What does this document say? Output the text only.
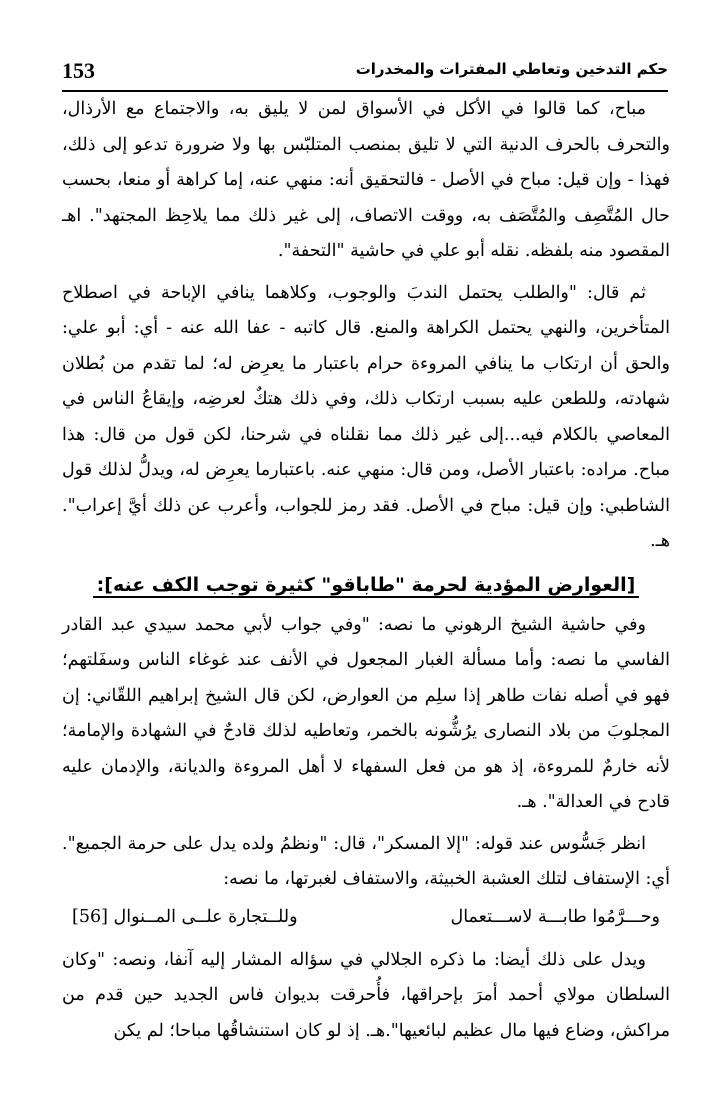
153	حكم التدخين وتعاطي المفترات والمخدرات

مباح، كما قالوا في الأكل في الأسواق لمن لا يليق به، والاجتماع مع الأرذال، والتحرف بالحرف الدنية التي لا تليق بمنصب المتلبّس بها ولا ضرورة تدعو إلى ذلك، فهذا - وإن قيل: مباح في الأصل - فالتحقيق أنه: منهي عنه، إما كراهة أو منعا، بحسب حال المُتَّصِف والمُتَّصَف به، ووقت الاتصاف، إلى غير ذلك مما يلاحِظ المجتهد". اهـ المقصود منه بلفظه. نقله أبو علي في حاشية "التحفة".

ثم قال: "والطلب يحتمل الندبَ والوجوب، وكلاهما ينافي الإباحة في اصطلاح المتأخرين، والنهي يحتمل الكراهة والمنع. قال كاتبه - عفا الله عنه - أي: أبو علي: والحق أن ارتكاب ما ينافي المروءة حرام باعتبار ما يعرِض له؛ لما تقدم من بُطلان شهادته، وللطعن عليه بسبب ارتكاب ذلك، وفي ذلك هتكٌ لعرضِه، وإيقاعُ الناس في المعاصي بالكلام فيه...إلى غير ذلك مما نقلناه في شرحنا، لكن قول من قال: هذا مباح. مراده: باعتبار الأصل، ومن قال: منهي عنه. باعتبارما يعرِض له، ويدلُّ لذلك قول الشاطبي: وإن قيل: مباح في الأصل. فقد رمز للجواب، وأعرب عن ذلك أيَّ إعراب". هـ.

[العوارض المؤدية لحرمة "طاباقو" كثيرة توجب الكف عنه]:

وفي حاشية الشيخ الرهوني ما نصه: "وفي جواب لأبي محمد سيدي عبد القادر الفاسي ما نصه: وأما مسألة الغبار المجعول في الأنف عند غوغاء الناس وسفَلتهم؛ فهو في أصله نفات طاهر إذا سلِم من العوارض، لكن قال الشيخ إبراهيم اللقّاني: إن المجلوبَ من بلاد النصارى يرُشُّونه بالخمر، وتعاطيه لذلك قادحٌ في الشهادة والإمامة؛ لأنه خارمٌ للمروءة، إذ هو من فعل السفهاء لا أهل المروءة والديانة، والإدمان عليه قادح في العدالة". هـ.

انظر جَسُّوس عند قوله: "إلا المسكر"، قال: "ونظمُ ولده يدل على حرمة الجميع". أي: الإستفاف لتلك العشبة الخبيثة، والاستفاف لغبرتها، ما نصه:

وحـــرَّمُوا طابـــة لاســـتعمال
وللــتجارة علــى المــنوال [56]

ويدل على ذلك أيضا: ما ذكره الجلالي في سؤاله المشار إليه آنفا، ونصه: "وكان السلطان مولاي أحمد أمرَ بإحراقها، فأُحرقت بديوان فاس الجديد حين قدم من مراكش، وضاع فيها مال عظيم لبائعيها".هـ. إذ لو كان استنشاقُها مباحا؛ لم يكن
